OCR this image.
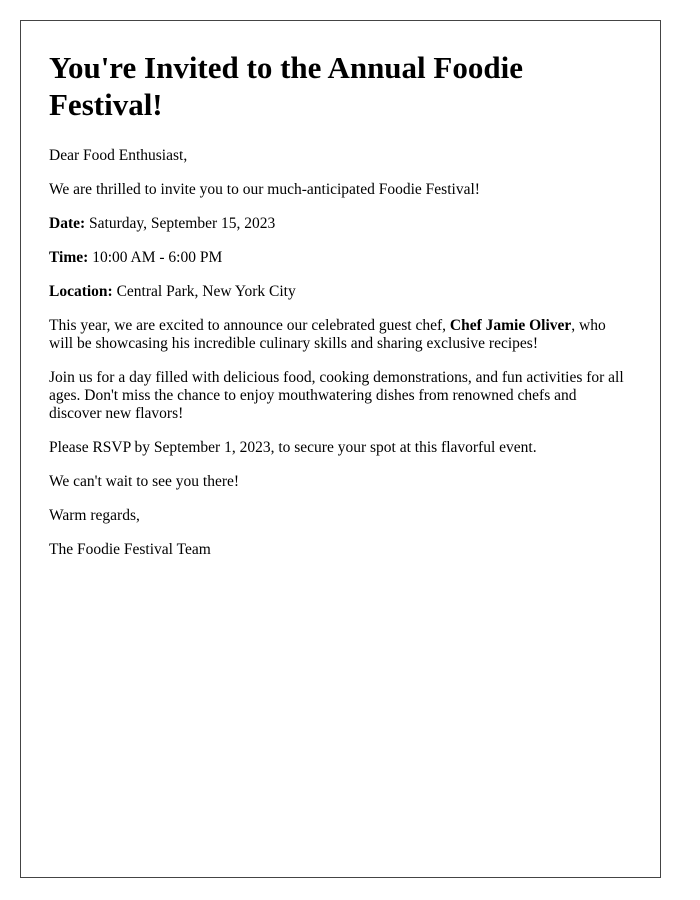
You're Invited to the Annual Foodie Festival!

Dear Food Enthusiast,

We are thrilled to invite you to our much-anticipated Foodie Festival!

Date: Saturday, September 15, 2023

Time: 10:00 AM - 6:00 PM

Location: Central Park, New York City

This year, we are excited to announce our celebrated guest chef, Chef Jamie Oliver, who will be showcasing his incredible culinary skills and sharing exclusive recipes!

Join us for a day filled with delicious food, cooking demonstrations, and fun activities for all ages. Don't miss the chance to enjoy mouthwatering dishes from renowned chefs and discover new flavors!

Please RSVP by September 1, 2023, to secure your spot at this flavorful event.

We can't wait to see you there!

Warm regards,

The Foodie Festival Team
